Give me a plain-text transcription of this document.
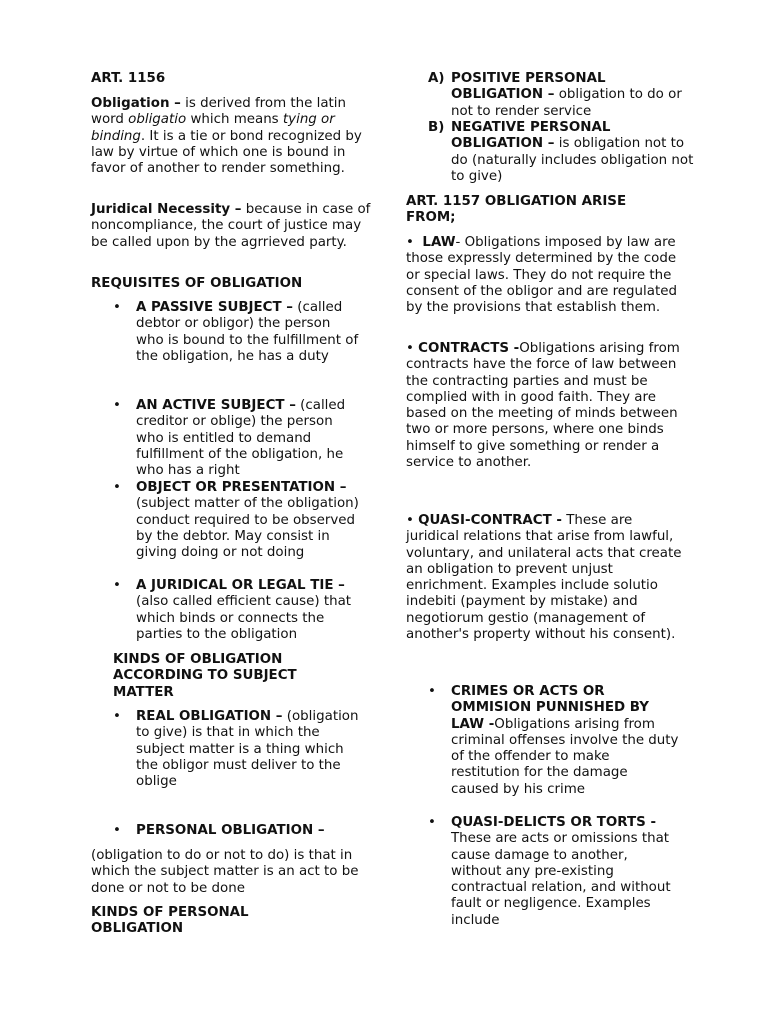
ART. 1156

Obligation – is derived from the latin word obligatio which means tying or binding. It is a tie or bond recognized by law by virtue of which one is bound in favor of another to render something.

Juridical Necessity – because in case of noncompliance, the court of justice may be called upon by the agrrieved party.

REQUISITES OF OBLIGATION

• A PASSIVE SUBJECT – (called debtor or obligor) the person who is bound to the fulfillment of the obligation, he has a duty

• AN ACTIVE SUBJECT – (called creditor or oblige) the person who is entitled to demand fulfillment of the obligation, he who has a right

• OBJECT OR PRESENTATION – (subject matter of the obligation) conduct required to be observed by the debtor. May consist in giving doing or not doing

• A JURIDICAL OR LEGAL TIE – (also called efficient cause) that which binds or connects the parties to the obligation

KINDS OF OBLIGATION ACCORDING TO SUBJECT MATTER

• REAL OBLIGATION – (obligation to give) is that in which the subject matter is a thing which the obligor must deliver to the oblige

• PERSONAL OBLIGATION –

(obligation to do or not to do) is that in which the subject matter is an act to be done or not to be done

KINDS OF PERSONAL OBLIGATION

A) POSITIVE PERSONAL OBLIGATION – obligation to do or not to render service

B) NEGATIVE PERSONAL OBLIGATION – is obligation not to do (naturally includes obligation not to give)

ART. 1157 OBLIGATION ARISE FROM;

• LAW- Obligations imposed by law are those expressly determined by the code or special laws. They do not require the consent of the obligor and are regulated by the provisions that establish them.

• CONTRACTS -Obligations arising from contracts have the force of law between the contracting parties and must be complied with in good faith. They are based on the meeting of minds between two or more persons, where one binds himself to give something or render a service to another.

• QUASI-CONTRACT - These are juridical relations that arise from lawful, voluntary, and unilateral acts that create an obligation to prevent unjust enrichment. Examples include solutio indebiti (payment by mistake) and negotiorum gestio (management of another's property without his consent).

• CRIMES OR ACTS OR OMMISION PUNNISHED BY LAW -Obligations arising from criminal offenses involve the duty of the offender to make restitution for the damage caused by his crime

• QUASI-DELICTS OR TORTS -These are acts or omissions that cause damage to another, without any pre-existing contractual relation, and without fault or negligence. Examples include
